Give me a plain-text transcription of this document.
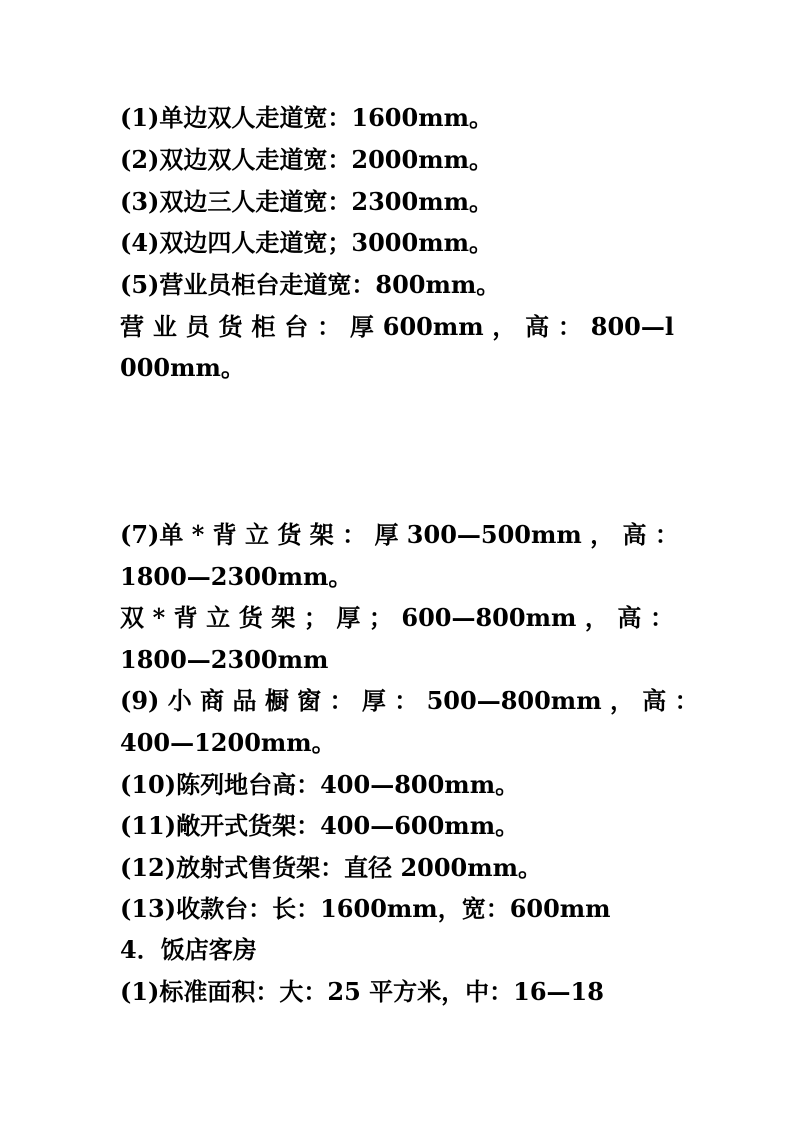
(1)单边双人走道宽：1600mm。
(2)双边双人走道宽：2000mm。
(3)双边三人走道宽：2300mm。
(4)双边四人走道宽；3000mm。
(5)营业员柜台走道宽：800mm。
营 业 员 货 柜 台 ： 厚 600mm ， 高 ： 800—l
000mm。
(7)单 * 背 立 货 架 ： 厚 300—500mm ， 高 ：
1800—2300mm。
双 * 背 立 货 架 ； 厚 ； 600—800mm ， 高 ：
1800—2300mm
(9) 小 商 品 橱 窗 ： 厚 ： 500—800mm ， 高 ：
400—1200mm。
(10)陈列地台高：400—800mm。
(11)敞开式货架：400—600mm。
(12)放射式售货架：直径 2000mm。
(13)收款台：长：1600mm，宽：600mm
4．饭店客房
(1)标准面积：大：25 平方米，中：16—18
